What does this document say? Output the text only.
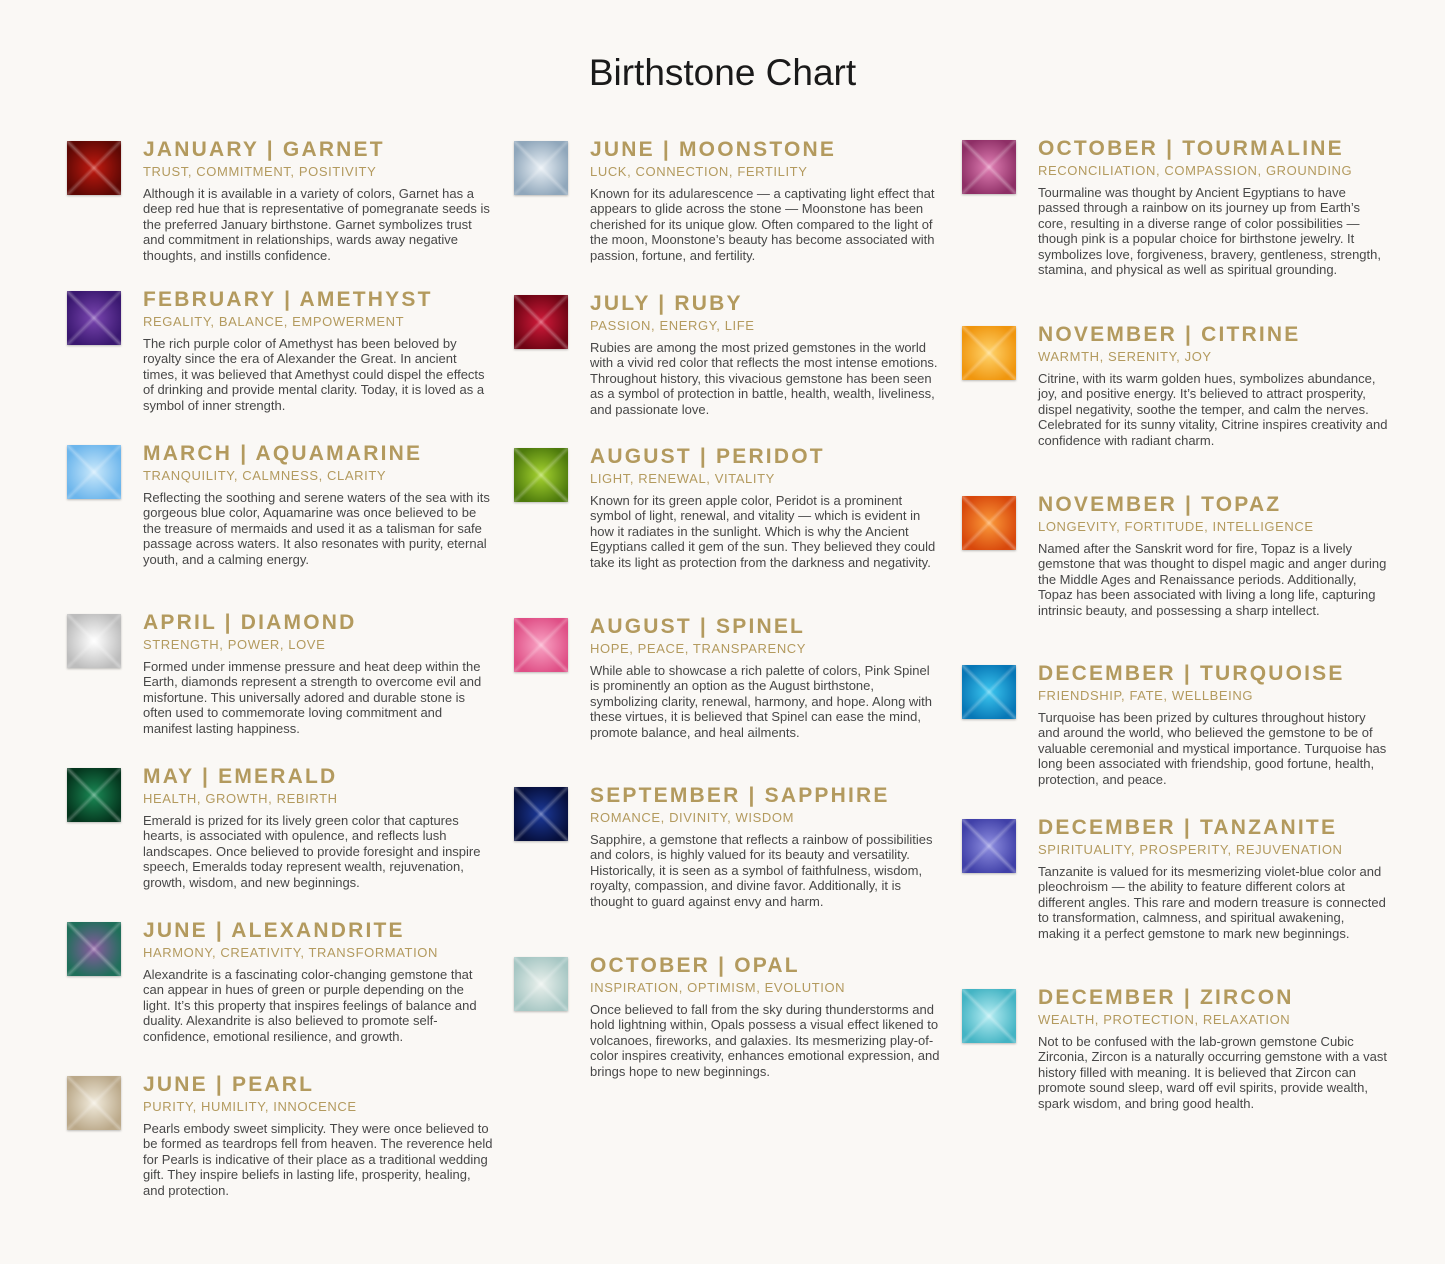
Birthstone Chart
JANUARY | GARNET
TRUST, COMMITMENT, POSITIVITY
Although it is available in a variety of colors, Garnet has a deep red hue that is representative of pomegranate seeds is the preferred January birthstone. Garnet symbolizes trust and commitment in relationships, wards away negative thoughts, and instills confidence.
FEBRUARY | AMETHYST
REGALITY, BALANCE, EMPOWERMENT
The rich purple color of Amethyst has been beloved by royalty since the era of Alexander the Great. In ancient times, it was believed that Amethyst could dispel the effects of drinking and provide mental clarity. Today, it is loved as a symbol of inner strength.
MARCH | AQUAMARINE
TRANQUILITY, CALMNESS, CLARITY
Reflecting the soothing and serene waters of the sea with its gorgeous blue color, Aquamarine was once believed to be the treasure of mermaids and used it as a talisman for safe passage across waters. It also resonates with purity, eternal youth, and a calming energy.
APRIL | DIAMOND
STRENGTH, POWER, LOVE
Formed under immense pressure and heat deep within the Earth, diamonds represent a strength to overcome evil and misfortune. This universally adored and durable stone is often used to commemorate loving commitment and manifest lasting happiness.
MAY | EMERALD
HEALTH, GROWTH, REBIRTH
Emerald is prized for its lively green color that captures hearts, is associated with opulence, and reflects lush landscapes. Once believed to provide foresight and inspire speech, Emeralds today represent wealth, rejuvenation, growth, wisdom, and new beginnings.
JUNE | ALEXANDRITE
HARMONY, CREATIVITY, TRANSFORMATION
Alexandrite is a fascinating color-changing gemstone that can appear in hues of green or purple depending on the light. It’s this property that inspires feelings of balance and duality. Alexandrite is also believed to promote self-confidence, emotional resilience, and growth.
JUNE | PEARL
PURITY, HUMILITY, INNOCENCE
Pearls embody sweet simplicity. They were once believed to be formed as teardrops fell from heaven. The reverence held for Pearls is indicative of their place as a traditional wedding gift. They inspire beliefs in lasting life, prosperity, healing, and protection.
JUNE | MOONSTONE
LUCK, CONNECTION, FERTILITY
Known for its adularescence — a captivating light effect that appears to glide across the stone — Moonstone has been cherished for its unique glow. Often compared to the light of the moon, Moonstone’s beauty has become associated with passion, fortune, and fertility.
JULY | RUBY
PASSION, ENERGY, LIFE
Rubies are among the most prized gemstones in the world with a vivid red color that reflects the most intense emotions. Throughout history, this vivacious gemstone has been seen as a symbol of protection in battle, health, wealth, liveliness, and passionate love.
AUGUST | PERIDOT
LIGHT, RENEWAL, VITALITY
Known for its green apple color, Peridot is a prominent symbol of light, renewal, and vitality — which is evident in how it radiates in the sunlight. Which is why the Ancient Egyptians called it gem of the sun. They believed they could take its light as protection from the darkness and negativity.
AUGUST | SPINEL
HOPE, PEACE, TRANSPARENCY
While able to showcase a rich palette of colors, Pink Spinel is prominently an option as the August birthstone, symbolizing clarity, renewal, harmony, and hope. Along with these virtues, it is believed that Spinel can ease the mind, promote balance, and heal ailments.
SEPTEMBER | SAPPHIRE
ROMANCE, DIVINITY, WISDOM
Sapphire, a gemstone that reflects a rainbow of possibilities and colors, is highly valued for its beauty and versatility. Historically, it is seen as a symbol of faithfulness, wisdom, royalty, compassion, and divine favor. Additionally, it is thought to guard against envy and harm.
OCTOBER | OPAL
INSPIRATION, OPTIMISM, EVOLUTION
Once believed to fall from the sky during thunderstorms and hold lightning within, Opals possess a visual effect likened to volcanoes, fireworks, and galaxies. Its mesmerizing play-of-color inspires creativity, enhances emotional expression, and brings hope to new beginnings.
OCTOBER | TOURMALINE
RECONCILIATION, COMPASSION, GROUNDING
Tourmaline was thought by Ancient Egyptians to have passed through a rainbow on its journey up from Earth’s core, resulting in a diverse range of color possibilities — though pink is a popular choice for birthstone jewelry. It symbolizes love, forgiveness, bravery, gentleness, strength, stamina, and physical as well as spiritual grounding.
NOVEMBER | CITRINE
WARMTH, SERENITY, JOY
Citrine, with its warm golden hues, symbolizes abundance, joy, and positive energy. It’s believed to attract prosperity, dispel negativity, soothe the temper, and calm the nerves. Celebrated for its sunny vitality, Citrine inspires creativity and confidence with radiant charm.
NOVEMBER | TOPAZ
LONGEVITY, FORTITUDE, INTELLIGENCE
Named after the Sanskrit word for fire, Topaz is a lively gemstone that was thought to dispel magic and anger during the Middle Ages and Renaissance periods. Additionally, Topaz has been associated with living a long life, capturing intrinsic beauty, and possessing a sharp intellect.
DECEMBER | TURQUOISE
FRIENDSHIP, FATE, WELLBEING
Turquoise has been prized by cultures throughout history and around the world, who believed the gemstone to be of valuable ceremonial and mystical importance. Turquoise has long been associated with friendship, good fortune, health, protection, and peace.
DECEMBER | TANZANITE
SPIRITUALITY, PROSPERITY, REJUVENATION
Tanzanite is valued for its mesmerizing violet-blue color and pleochroism — the ability to feature different colors at different angles. This rare and modern treasure is connected to transformation, calmness, and spiritual awakening, making it a perfect gemstone to mark new beginnings.
DECEMBER | ZIRCON
WEALTH, PROTECTION, RELAXATION
Not to be confused with the lab-grown gemstone Cubic Zirconia, Zircon is a naturally occurring gemstone with a vast history filled with meaning. It is believed that Zircon can promote sound sleep, ward off evil spirits, provide wealth, spark wisdom, and bring good health.
